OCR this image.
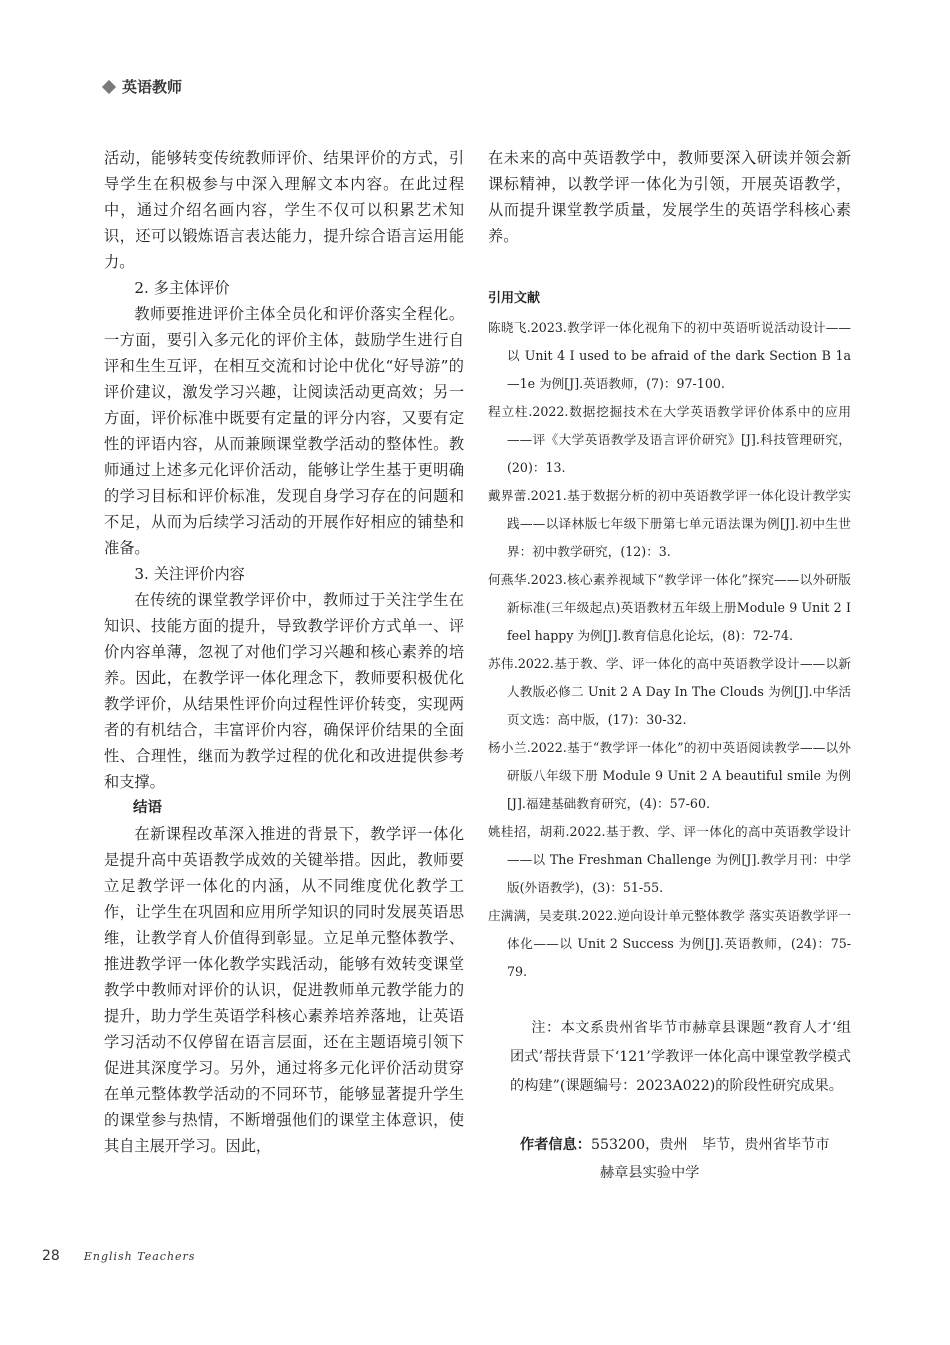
英语教师

活动，能够转变传统教师评价、结果评价的方式，引导学生在积极参与中深入理解文本内容。在此过程中，通过介绍名画内容，学生不仅可以积累艺术知识，还可以锻炼语言表达能力，提升综合语言运用能力。

2. 多主体评价

教师要推进评价主体全员化和评价落实全程化。一方面，要引入多元化的评价主体，鼓励学生进行自评和生生互评，在相互交流和讨论中优化“好导游”的评价建议，激发学习兴趣，让阅读活动更高效；另一方面，评价标准中既要有定量的评分内容，又要有定性的评语内容，从而兼顾课堂教学活动的整体性。教师通过上述多元化评价活动，能够让学生基于更明确的学习目标和评价标准，发现自身学习存在的问题和不足，从而为后续学习活动的开展作好相应的铺垫和准备。

3. 关注评价内容

在传统的课堂教学评价中，教师过于关注学生在知识、技能方面的提升，导致教学评价方式单一、评价内容单薄，忽视了对他们学习兴趣和核心素养的培养。因此，在教学评一体化理念下，教师要积极优化教学评价，从结果性评价向过程性评价转变，实现两者的有机结合，丰富评价内容，确保评价结果的全面性、合理性，继而为教学过程的优化和改进提供参考和支撑。

结语

在新课程改革深入推进的背景下，教学评一体化是提升高中英语教学成效的关键举措。因此，教师要立足教学评一体化的内涵，从不同维度优化教学工作，让学生在巩固和应用所学知识的同时发展英语思维，让教学育人价值得到彰显。立足单元整体教学、推进教学评一体化教学实践活动，能够有效转变课堂教学中教师对评价的认识，促进教师单元教学能力的提升，助力学生英语学科核心素养培养落地，让英语学习活动不仅停留在语言层面，还在主题语境引领下促进其深度学习。另外，通过将多元化评价活动贯穿在单元整体教学活动的不同环节，能够显著提升学生的课堂参与热情，不断增强他们的课堂主体意识，使其自主展开学习。因此，

在未来的高中英语教学中，教师要深入研读并领会新课标精神，以教学评一体化为引领，开展英语教学，从而提升课堂教学质量，发展学生的英语学科核心素养。

引用文献
陈晓飞.2023.教学评一体化视角下的初中英语听说活动设计——以 Unit 4 I used to be afraid of the dark Section B 1a—1e 为例[J].英语教师，(7)：97-100.
程立柱.2022.数据挖掘技术在大学英语教学评价体系中的应用——评《大学英语教学及语言评价研究》[J].科技管理研究，(20)：13.
戴界蕾.2021.基于数据分析的初中英语教学评一体化设计教学实践——以译林版七年级下册第七单元语法课为例[J].初中生世界：初中教学研究，(12)：3.
何燕华.2023.核心素养视域下“教学评一体化”探究——以外研版新标准(三年级起点)英语教材五年级上册Module 9 Unit 2 I feel happy 为例[J].教育信息化论坛，(8)：72-74.
苏伟.2022.基于教、学、评一体化的高中英语教学设计——以新人教版必修二 Unit 2 A Day In The Clouds 为例[J].中华活页文选：高中版，(17)：30-32.
杨小兰.2022.基于“教学评一体化”的初中英语阅读教学——以外研版八年级下册 Module 9 Unit 2 A beautiful smile 为例[J].福建基础教育研究，(4)：57-60.
姚桂招，胡莉.2022.基于教、学、评一体化的高中英语教学设计——以 The Freshman Challenge 为例[J].教学月刊：中学版(外语教学)，(3)：51-55.
庄满满，吴麦琪.2022.逆向设计单元整体教学 落实英语教学评一体化——以 Unit 2 Success 为例[J].英语教师，(24)：75-79.
注：本文系贵州省毕节市赫章县课题“教育人才‘组团式’帮扶背景下‘121’学教评一体化高中课堂教学模式的构建”(课题编号：2023A022)的阶段性研究成果。
作者信息：553200，贵州　毕节，贵州省毕节市赫章县实验中学
28 English Teachers
